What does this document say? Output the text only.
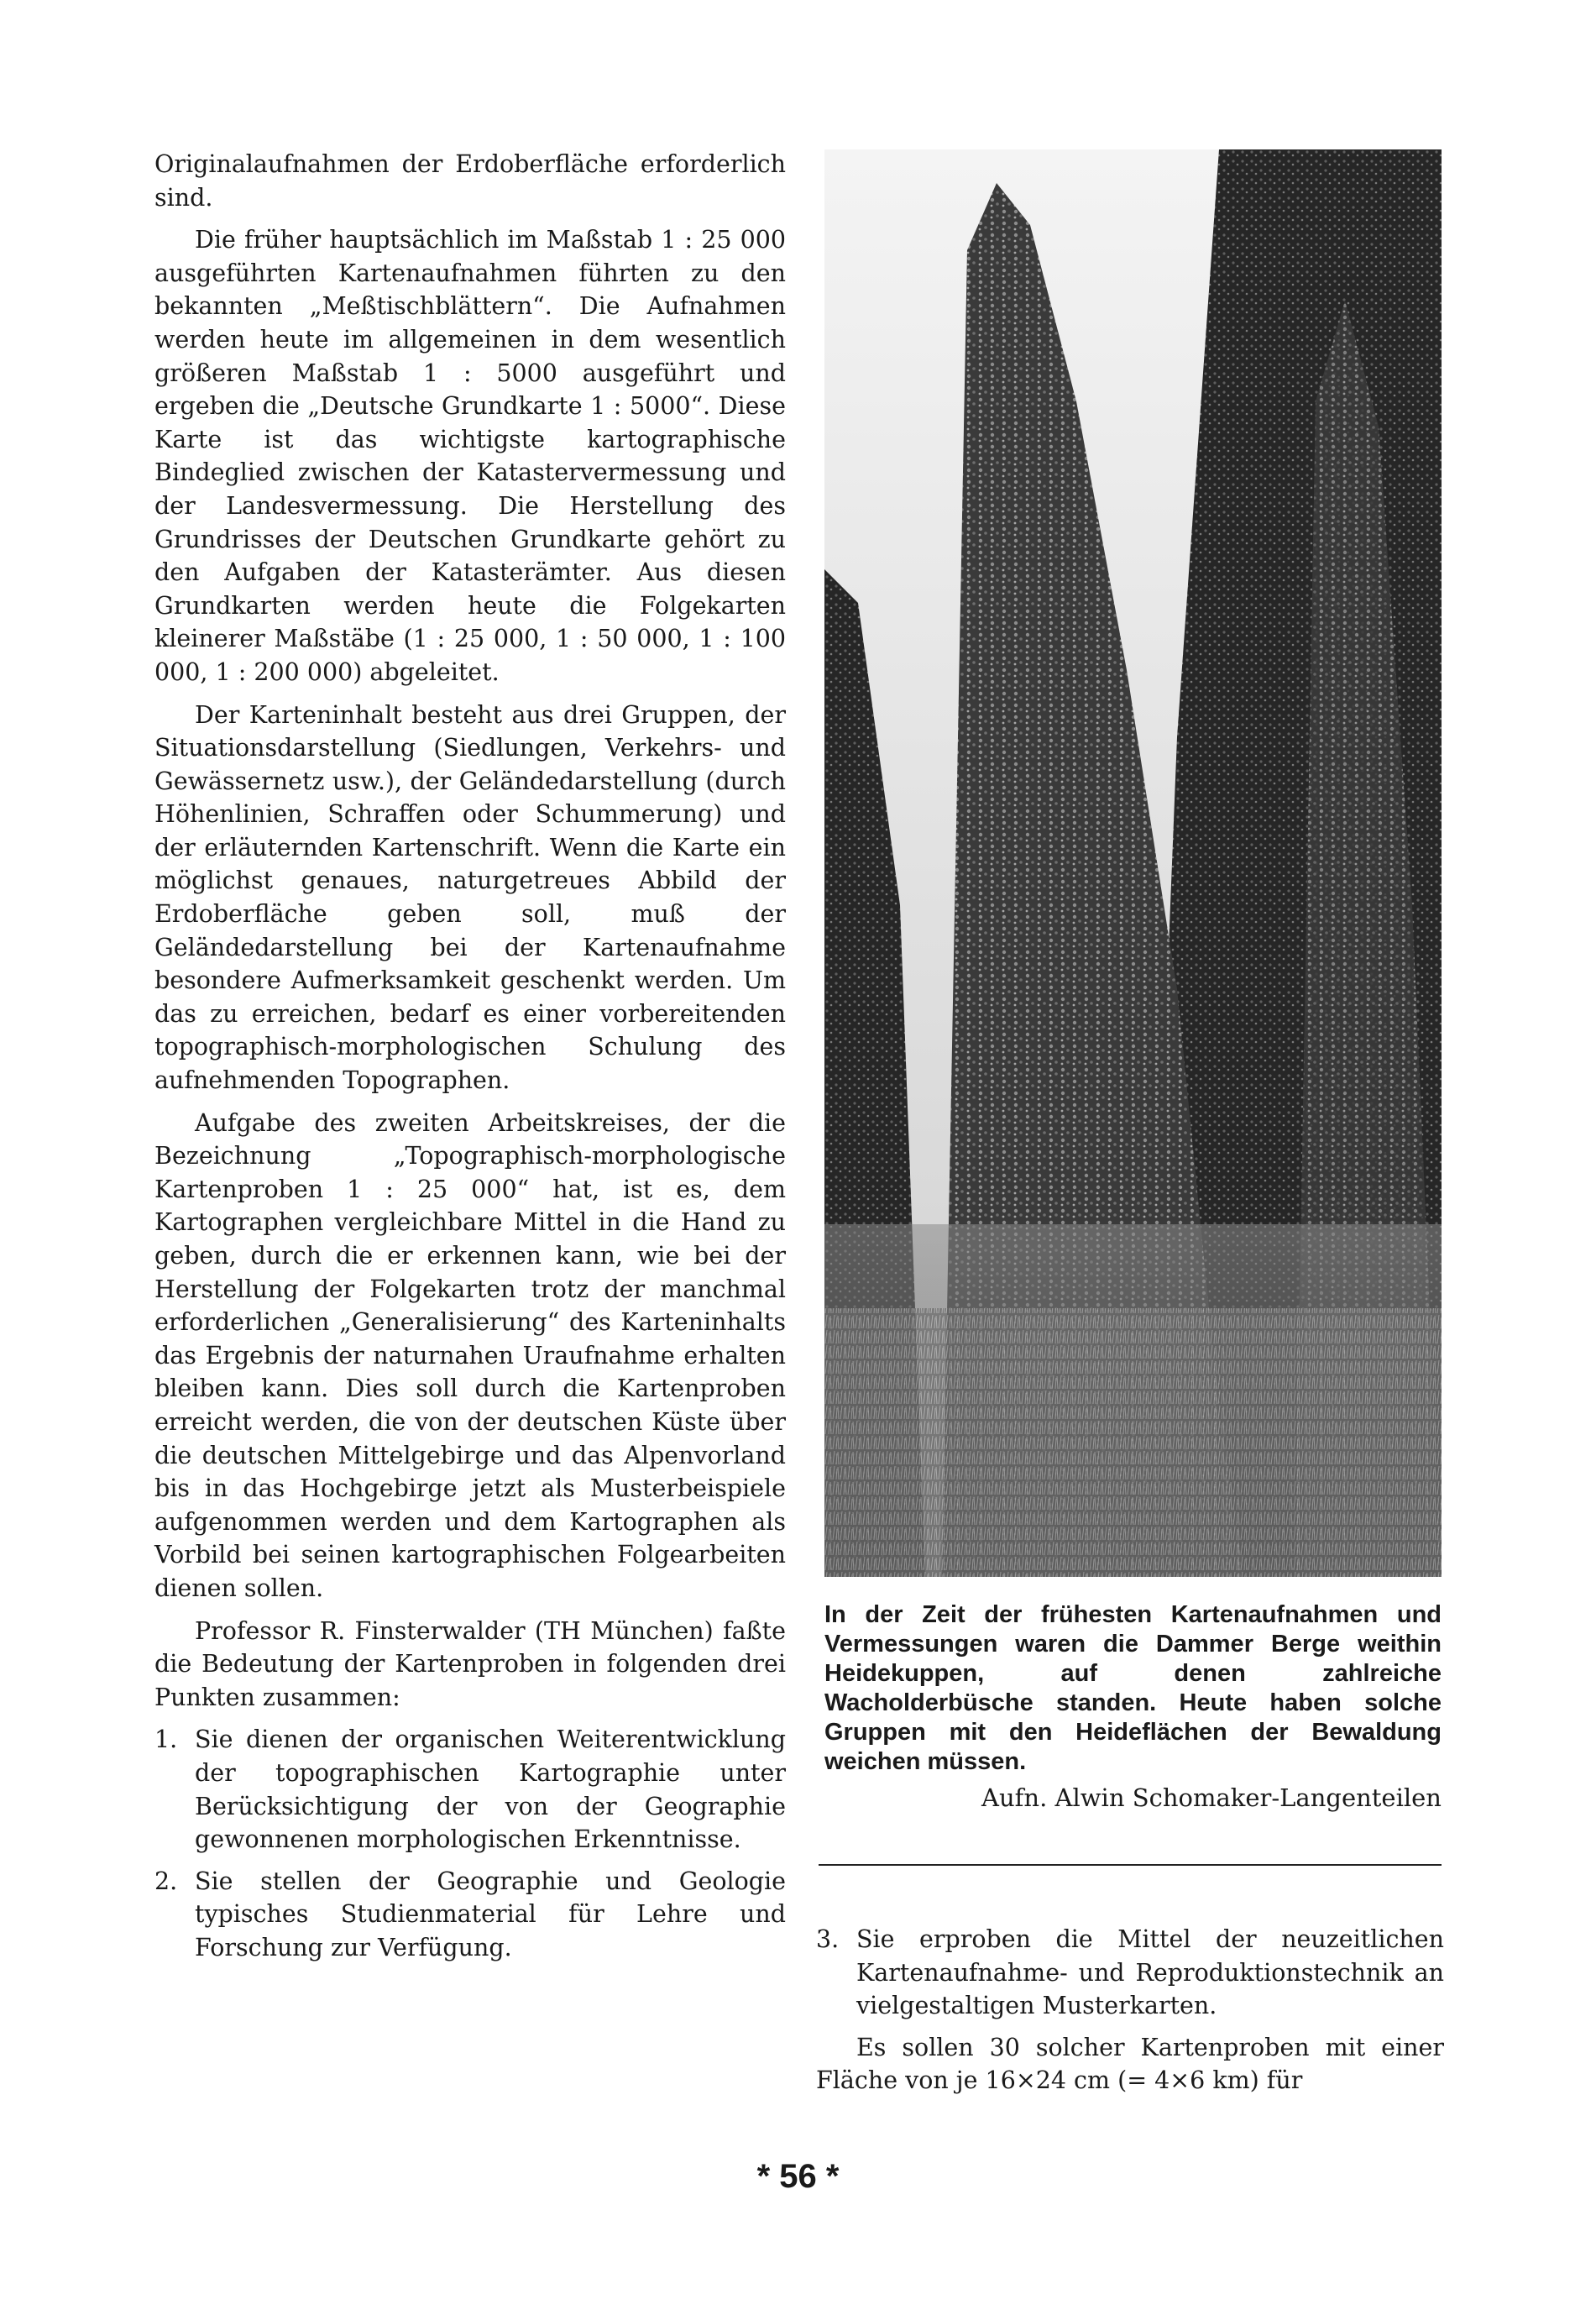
Originalaufnahmen der Erdoberfläche erforderlich sind.

Die früher hauptsächlich im Maßstab 1 : 25 000 ausgeführten Kartenaufnahmen führten zu den bekannten „Meßtischblättern“. Die Aufnahmen werden heute im allgemeinen in dem wesentlich größeren Maßstab 1 : 5000 ausgeführt und ergeben die „Deutsche Grundkarte 1 : 5000“. Diese Karte ist das wichtigste kartographische Bindeglied zwischen der Katastervermessung und der Landesvermessung. Die Herstellung des Grundrisses der Deutschen Grundkarte gehört zu den Aufgaben der Katasterämter. Aus diesen Grundkarten werden heute die Folgekarten kleinerer Maßstäbe (1 : 25 000, 1 : 50 000, 1 : 100 000, 1 : 200 000) abgeleitet.

Der Karteninhalt besteht aus drei Gruppen, der Situationsdarstellung (Siedlungen, Verkehrs- und Gewässernetz usw.), der Geländedarstellung (durch Höhenlinien, Schraffen oder Schummerung) und der erläuternden Kartenschrift. Wenn die Karte ein möglichst genaues, naturgetreues Abbild der Erdoberfläche geben soll, muß der Geländedarstellung bei der Kartenaufnahme besondere Aufmerksamkeit geschenkt werden. Um das zu erreichen, bedarf es einer vorbereitenden topographisch-morphologischen Schulung des aufnehmenden Topographen.

Aufgabe des zweiten Arbeitskreises, der die Bezeichnung „Topographisch-morphologische Kartenproben 1 : 25 000“ hat, ist es, dem Kartographen vergleichbare Mittel in die Hand zu geben, durch die er erkennen kann, wie bei der Herstellung der Folgekarten trotz der manchmal erforderlichen „Generalisierung“ des Karteninhalts das Ergebnis der naturnahen Uraufnahme erhalten bleiben kann. Dies soll durch die Kartenproben erreicht werden, die von der deutschen Küste über die deutschen Mittelgebirge und das Alpenvorland bis in das Hochgebirge jetzt als Musterbeispiele aufgenommen werden und dem Kartographen als Vorbild bei seinen kartographischen Folgearbeiten dienen sollen.

Professor R. Finsterwalder (TH München) faßte die Bedeutung der Kartenproben in folgenden drei Punkten zusammen:

1. Sie dienen der organischen Weiterentwicklung der topographischen Kartographie unter Berücksichtigung der von der Geographie gewonnenen morphologischen Erkenntnisse.
2. Sie stellen der Geographie und Geologie typisches Studienmaterial für Lehre und Forschung zur Verfügung.

In der Zeit der frühesten Kartenaufnahmen und Vermessungen waren die Dammer Berge weithin Heidekuppen, auf denen zahlreiche Wacholderbüsche standen. Heute haben solche Gruppen mit den Heideflächen der Bewaldung weichen müssen.

Aufn. Alwin Schomaker-Langenteilen
3. Sie erproben die Mittel der neuzeitlichen Kartenaufnahme- und Reproduktionstechnik an vielgestaltigen Musterkarten.

Es sollen 30 solcher Kartenproben mit einer Fläche von je 16×24 cm (= 4×6 km) für

* 56 *
